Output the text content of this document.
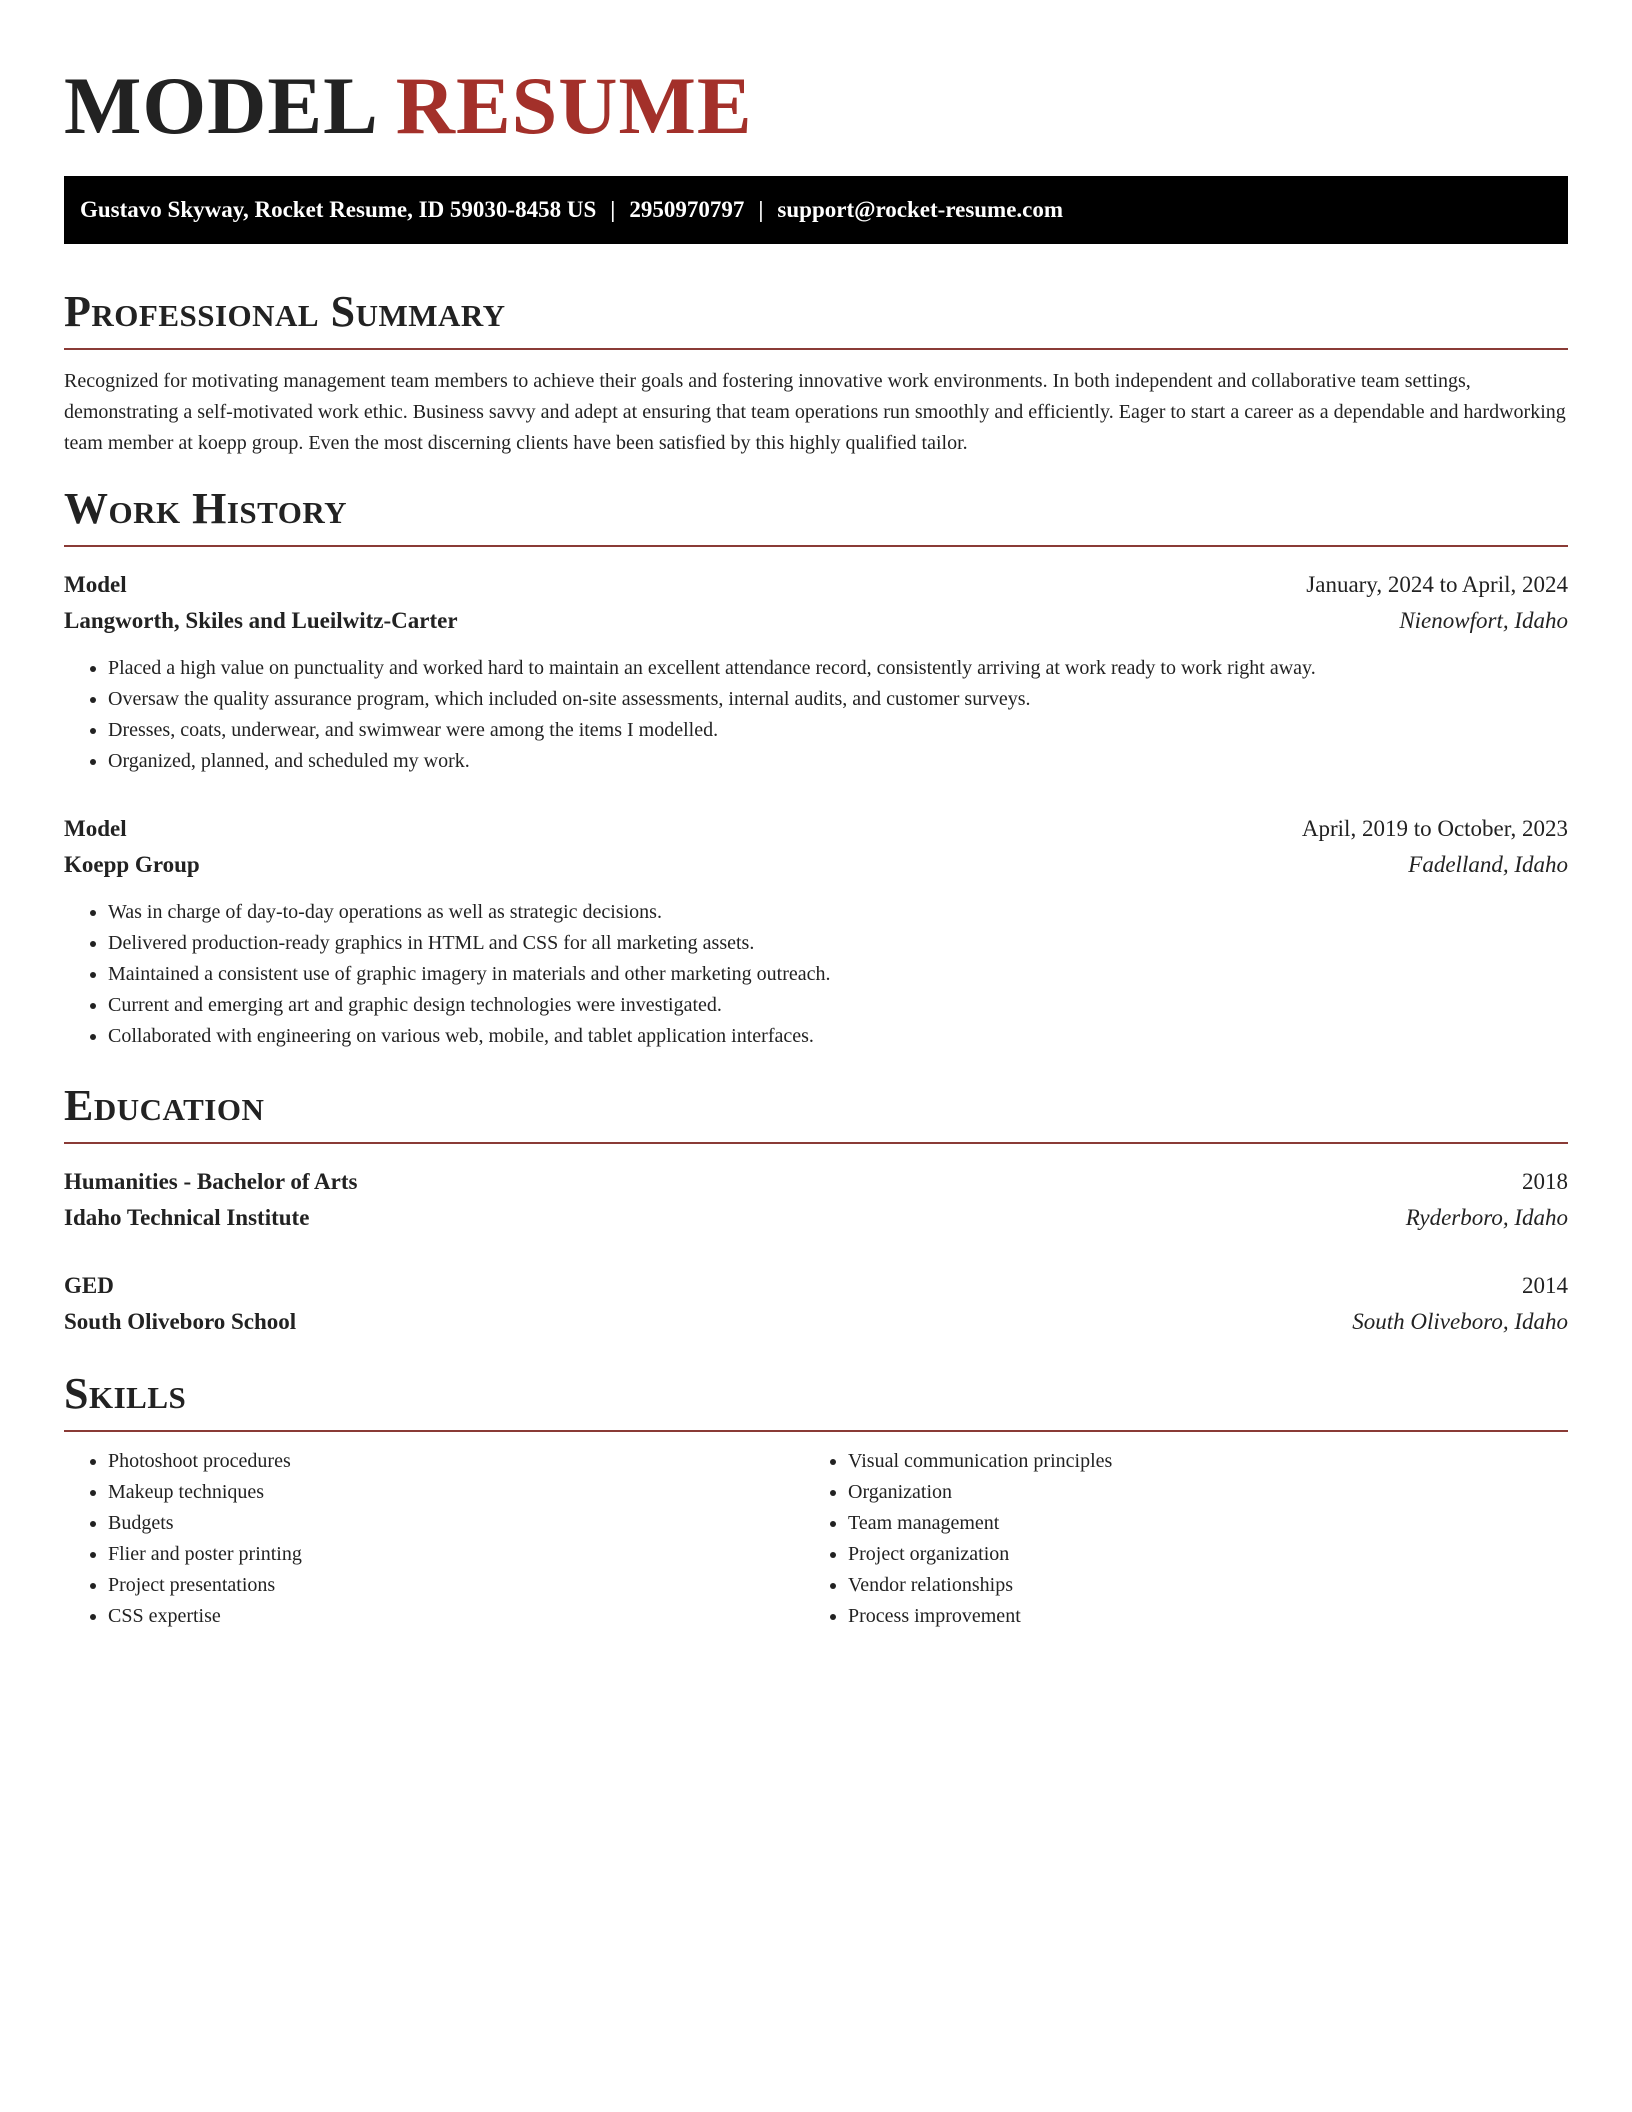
MODEL RESUME
Gustavo Skyway, Rocket Resume, ID 59030-8458 US | 2950970797 | support@rocket-resume.com
Professional Summary

Recognized for motivating management team members to achieve their goals and fostering innovative work environments. In both independent and collaborative team settings, demonstrating a self-motivated work ethic. Business savvy and adept at ensuring that team operations run smoothly and efficiently. Eager to start a career as a dependable and hardworking team member at koepp group. Even the most discerning clients have been satisfied by this highly qualified tailor.

Work History
Model	January, 2024 to April, 2024
Langworth, Skiles and Lueilwitz-Carter	Nienowfort, Idaho
• Placed a high value on punctuality and worked hard to maintain an excellent attendance record, consistently arriving at work ready to work right away.
• Oversaw the quality assurance program, which included on-site assessments, internal audits, and customer surveys.
• Dresses, coats, underwear, and swimwear were among the items I modelled.
• Organized, planned, and scheduled my work.
Model	April, 2019 to October, 2023
Koepp Group	Fadelland, Idaho
• Was in charge of day-to-day operations as well as strategic decisions.
• Delivered production-ready graphics in HTML and CSS for all marketing assets.
• Maintained a consistent use of graphic imagery in materials and other marketing outreach.
• Current and emerging art and graphic design technologies were investigated.
• Collaborated with engineering on various web, mobile, and tablet application interfaces.
Education
Humanities - Bachelor of Arts	2018
Idaho Technical Institute	Ryderboro, Idaho
GED	2014
South Oliveboro School	South Oliveboro, Idaho
Skills
• Photoshoot procedures
• Makeup techniques
• Budgets
• Flier and poster printing
• Project presentations
• CSS expertise
• Visual communication principles
• Organization
• Team management
• Project organization
• Vendor relationships
• Process improvement
